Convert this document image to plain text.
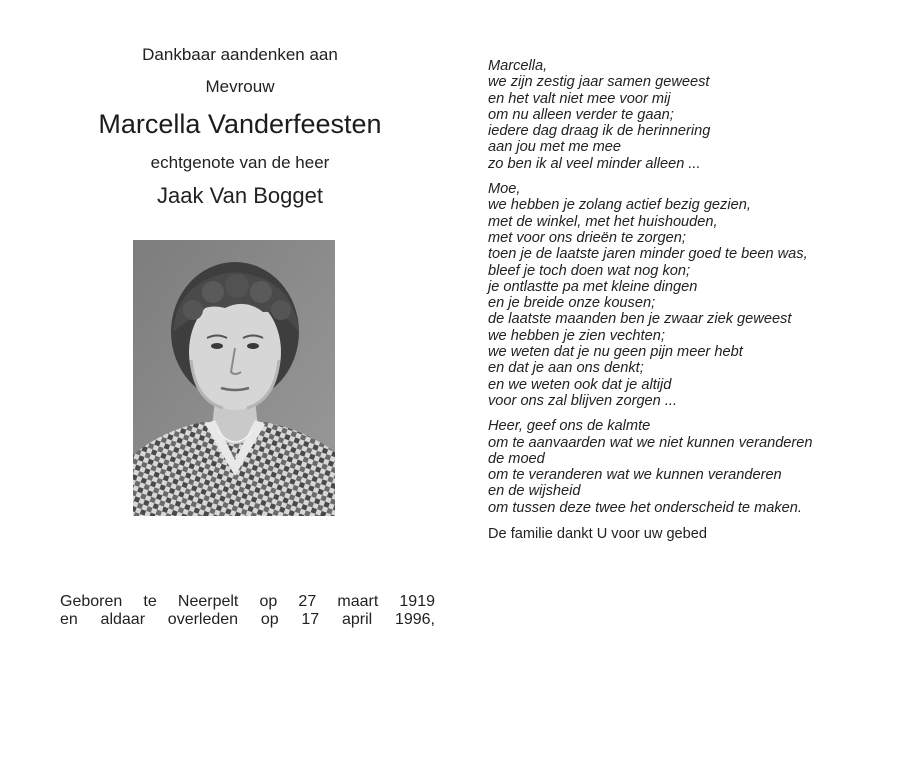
Dankbaar aandenken aan

Mevrouw

Marcella Vanderfeesten

echtgenote van de heer

Jaak Van Bogget

Geboren te Neerpelt op 27 maart 1919
en aldaar overleden op 17 april 1996,
Marcella,
we zijn zestig jaar samen geweest
en het valt niet mee voor mij
om nu alleen verder te gaan;
iedere dag draag ik de herinnering
aan jou met me mee
zo ben ik al veel minder alleen ...
Moe,
we hebben je zolang actief bezig gezien,
met de winkel, met het huishouden,
met voor ons drieën te zorgen;
toen je de laatste jaren minder goed te been was,
bleef je toch doen wat nog kon;
je ontlastte pa met kleine dingen
en je breide onze kousen;
de laatste maanden ben je zwaar ziek geweest
we hebben je zien vechten;
we weten dat je nu geen pijn meer hebt
en dat je aan ons denkt;
en we weten ook dat je altijd
voor ons zal blijven zorgen ...
Heer, geef ons de kalmte
om te aanvaarden wat we niet kunnen veranderen
de moed
om te veranderen wat we kunnen veranderen
en de wijsheid
om tussen deze twee het onderscheid te maken.
De familie dankt U voor uw gebed
